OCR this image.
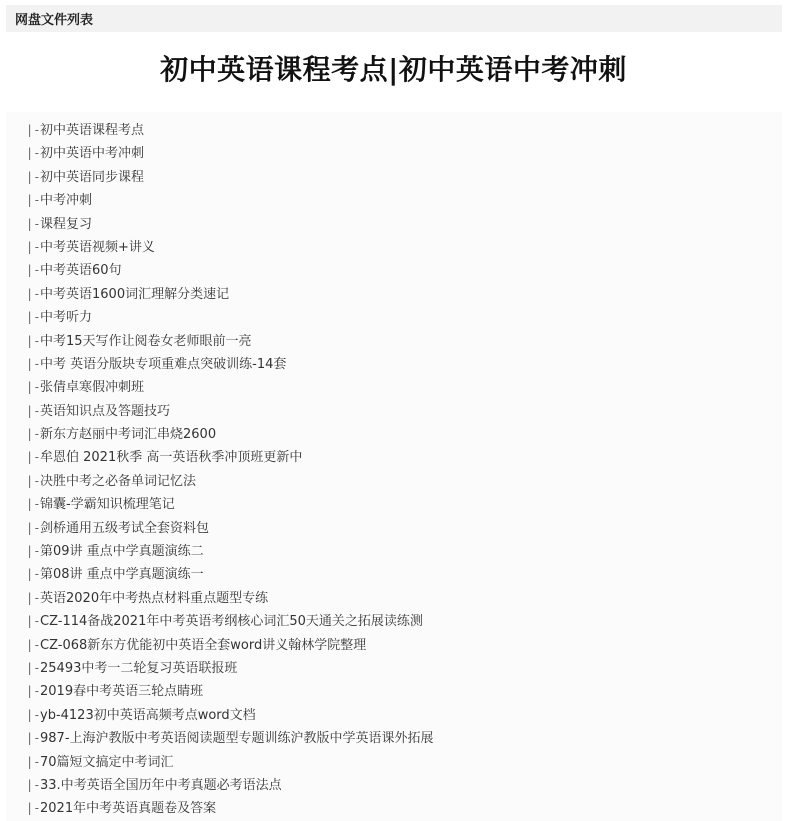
网盘文件列表
初中英语课程考点|初中英语中考冲刺
|-初中英语课程考点
|-初中英语中考冲刺
|-初中英语同步课程
|-中考冲刺
|-课程复习
|-中考英语视频+讲义
|-中考英语60句
|-中考英语1600词汇理解分类速记
|-中考听力
|-中考15天写作让阅卷女老师眼前一亮
|-中考 英语分版块专项重难点突破训练-14套
|-张倩卓寒假冲刺班
|-英语知识点及答题技巧
|-新东方赵丽中考词汇串烧2600
|-牟恩伯 2021秋季 高一英语秋季冲顶班更新中
|-决胜中考之必备单词记忆法
|-锦囊-学霸知识梳理笔记
|-剑桥通用五级考试全套资料包
|-第09讲 重点中学真题演练二
|-第08讲 重点中学真题演练一
|-英语2020年中考热点材料重点题型专练
|-CZ-114备战2021年中考英语考纲核心词汇50天通关之拓展读练测
|-CZ-068新东方优能初中英语全套word讲义翰林学院整理
|-25493中考一二轮复习英语联报班
|-2019春中考英语三轮点睛班
|-yb-4123初中英语高频考点word文档
|-987-上海沪教版中考英语阅读题型专题训练沪教版中学英语课外拓展
|-70篇短文搞定中考词汇
|-33.中考英语全国历年中考真题必考语法点
|-2021年中考英语真题卷及答案
